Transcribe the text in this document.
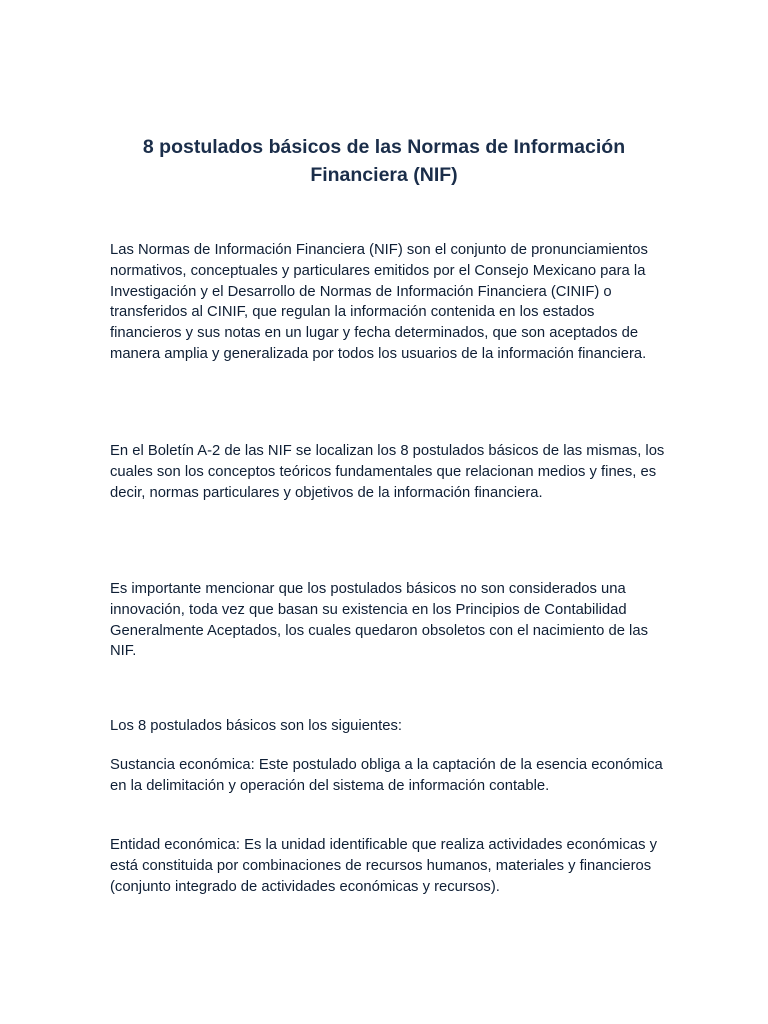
8 postulados básicos de las Normas de Información Financiera (NIF)

Las Normas de Información Financiera (NIF) son el conjunto de pronunciamientos normativos, conceptuales y particulares emitidos por el Consejo Mexicano para la Investigación y el Desarrollo de Normas de Información Financiera (CINIF) o transferidos al CINIF, que regulan la información contenida en los estados financieros y sus notas en un lugar y fecha determinados, que son aceptados de manera amplia y generalizada por todos los usuarios de la información financiera.

En el Boletín A-2 de las NIF se localizan los 8 postulados básicos de las mismas, los cuales son los conceptos teóricos fundamentales que relacionan medios y fines, es decir, normas particulares y objetivos de la información financiera.

Es importante mencionar que los postulados básicos no son considerados una innovación, toda vez que basan su existencia en los Principios de Contabilidad Generalmente Aceptados, los cuales quedaron obsoletos con el nacimiento de las NIF.

Los 8 postulados básicos son los siguientes:

Sustancia económica: Este postulado obliga a la captación de la esencia económica en la delimitación y operación del sistema de información contable.

Entidad económica: Es la unidad identificable que realiza actividades económicas y está constituida por combinaciones de recursos humanos, materiales y financieros (conjunto integrado de actividades económicas y recursos).
